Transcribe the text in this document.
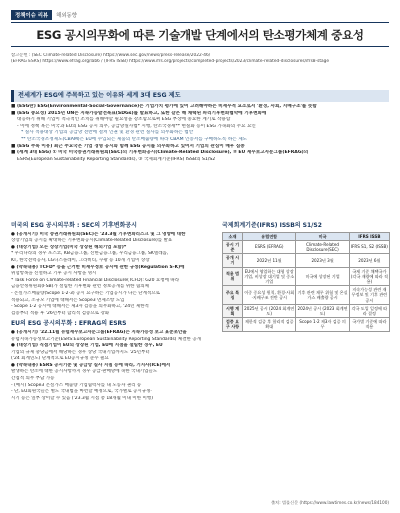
정책이슈 리뷰	해외동향
ESG 공시의무화에 따른 기술개발 단계에서의 탄소평가체계 중요성
참고문헌 : (SEC Climate-related Disclosure) https://www.sec.gov/news/press-release/2022-46/
(EFRAG ESRS) https://www.efrag.org/lab6 / (IFRS ISSB) https://www.ifrs.org/projects/completed-projects/2023/climate-related-disclosures/ifrs8-stage
전세계가 ESG에 주목하고 있는 이유와 세계 3대 ESG 제도
■ (ESG란) ESG(Environmental·Social·Governance)는 기업가치 평가에 있어 고려해야하는 비재무적 요소로서 '환경, 사회, 지배구조'를 뜻함
■ (ESG 중요성) 2015년 UN은 지속가능발전목표(SDGs)를 발표하고, 또한 같은 해 채택된 파리기후변화협약에 기후변화에
대응하기 위해 기업이 적극적인 조치를 취해야할 필요성을 강조함으로써 ESG 부상에 중요한 계기로 작용함
- 이에 정책 혹은 미국과 EU의 ESG 공시 의무, 공급망실사법* 시행, 탄소국경세** 현실화 등이 ESG 가속화의 주요 요인
* 실사 적용대상 기업의 공급망 전반에 걸쳐 인권 및 환경 관련 실사를 의무화하는 법안
** 탄소국경조정제도(CBAM)은 EU에 수입되는 제품의 탄소배출량에 따라 CBAM 인증서를 구매하도록 하는 제도
■ (ESG 주목 이유) 최근 주요국은 기업 경영 공시와 함께 ESG 공시를 의무화하고 있어서 기업의 관심이 매우 집중
■ (세계 3대 ESG) ① 미국 미국증권거래위원회(SEC)의 기후변화공시(Climate-Related Disclosure), ② EU 재무보고자문그룹(EFRAG)의
ESRS(European Sustainability Reporting Standards), ③ 국제회계기준(IFRS) ISSB의 S1/S2
미국의 ESG 공시의무화 : SEC의 기후변화공시
● (공개시기) 미국 증권거래위원회(SEC)는 '23.3월 기후변화리스크 및 그 영향에 대한
상장기업의 공시를 확대하는 기후변화공시(Climate-Related Disclosure)를 발표
● (대상기업) 모든 상장기업(미국 상장된 해외기업 포함)*
* 우리나라의 경우 포스코, KB금융그룹, 신한금융그룹, 우리금융그룹, SK텔레콤,
KT, 한국전력공사, LG디스플레이, 그라비티, 쿠팡 등 10개 기업이 상장
● (약속내용) TCFD* 등을 근거한 비재무정보 공시에 관한 규정(Regulation S-K)에
위험항목을 신설하고 기후 공시 사항을 명시
* Task Force on Climate-related Financial Disclosure(TCFD): G20 요청에 따라
금융안정위원회(FSB)가 설립한 기후변화 관련 정보공개를 위한 협의체
- 온실가스배출량(Scope 1·2·3) 공시 요구하는 기업공시가 다는 단계적으로
적용되고, 소규모 기업에 대해서는 Scope3 면제조항 도입
- Scope 1·2 공시에 대해서는 제3자 검증을 의무화하고, '24년 제한적
검증부터 적용 후 '26년부터 합리적 검증으로 강화
EU의 ESG 공시의무화 : EFRAG의 ESRS
● (공개시기) '22.11월 유럽재무보고자문그룹(EFRAG)는 지속가능성 보고 표준초안을
유럽지속가능성보고기준(ESRS:European Sustainability Reporting Standards) 체결한 공개
● (대상기업) 직접기업이 EU의 상장된 기업, EU에 지점을 설립한 경우, EU
기업의 규제 충당금에서 해당하는 경우 상당 국내기업까지도 '25년부터
('24 회계연도) 단계적으로 EU공시규정 준수 필요
● (약속내용) ESRS 공시기준 및 공급망 실사 지침 등에 따라, 기지사(ICE)에서
발생하는 탄소에 대한 공시사항까지 경우 공급·판매망에 속한 국내기업들도
간접적 의무 부담 가능
- (예시) Scope3 온실가스 배출량 기업협력사를 내 노동자 권리 등
- 단, EU회원국들은 별도 국내법을 마련할 예정으로, 국가별로 공시규정·
시기 등은 일부 상이할 수 있음 ('23.3월 시점 총 18개월 이내 이한 이행)
국제회계기준(IFRS) ISSB의 S1/S2
소재	유럽연합	미국	IFRS ISSB
공시 기준	ESRS (EFRAG)	Climate-Related Disclosure(SEC)	IFRS S1, S2 (ISSB)
공개 시기	2022년 11월	2023년 3월	2023년 6월
적용 범위	EU에서 영업하는 대형 상장기업, 비상장 대기업 및 중소기업	미국에 상장된 기업	국제 기준 채택국가 (각국 재량에 따라 적용)
주요 특징	이중 중요성 원칙, 환경·사회·지배구조 전반 공시	기후 관련 재무 위험 및 온실가스 배출량 공시	지속가능성 관련 재무정보 및 기후 관련 공시
시행 계획	2025년 공시 (2024 회계연도)	2024년 공시 (2023 회계연도)	각국 도입 일정에 따라 결정
검증 요구 사항	제한적 검증 후 합리적 검증 확대	Scope 1·2 제3자 검증 의무	국가별 기준에 따라 적용
출처: 법률신문 (https://www.lawtimes.co.kr/news/184100)
